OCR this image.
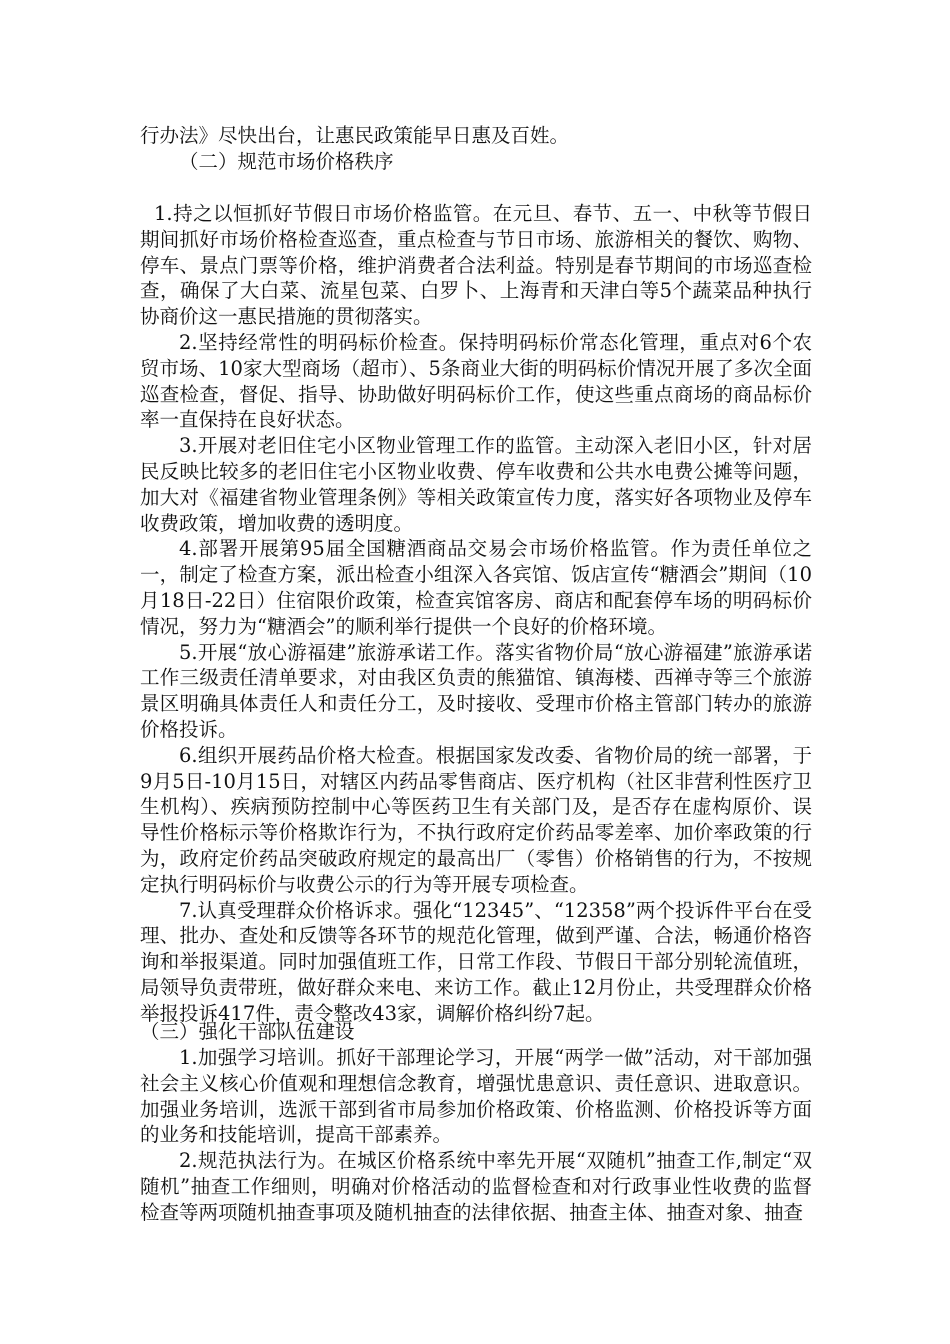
行办法》尽快出台，让惠民政策能早日惠及百姓。

（二）规范市场价格秩序

1.持之以恒抓好节假日市场价格监管。在元旦、春节、五一、中秋等节假日期间抓好市场价格检查巡查，重点检查与节日市场、旅游相关的餐饮、购物、停车、景点门票等价格，维护消费者合法利益。特别是春节期间的市场巡查检查，确保了大白菜、流星包菜、白罗卜、上海青和天津白等5个蔬菜品种执行协商价这一惠民措施的贯彻落实。

2.坚持经常性的明码标价检查。保持明码标价常态化管理，重点对6个农贸市场、10家大型商场（超市）、5条商业大街的明码标价情况开展了多次全面巡查检查，督促、指导、协助做好明码标价工作，使这些重点商场的商品标价率一直保持在良好状态。

3.开展对老旧住宅小区物业管理工作的监管。主动深入老旧小区，针对居民反映比较多的老旧住宅小区物业收费、停车收费和公共水电费公摊等问题，加大对《福建省物业管理条例》等相关政策宣传力度，落实好各项物业及停车收费政策，增加收费的透明度。

4.部署开展第95届全国糖酒商品交易会市场价格监管。作为责任单位之一，制定了检查方案，派出检查小组深入各宾馆、饭店宣传“糖酒会”期间（10月18日-22日）住宿限价政策，检查宾馆客房、商店和配套停车场的明码标价情况，努力为“糖酒会”的顺利举行提供一个良好的价格环境。

5.开展“放心游福建”旅游承诺工作。落实省物价局“放心游福建”旅游承诺工作三级责任清单要求，对由我区负责的熊猫馆、镇海楼、西禅寺等三个旅游景区明确具体责任人和责任分工，及时接收、受理市价格主管部门转办的旅游价格投诉。

6.组织开展药品价格大检查。根据国家发改委、省物价局的统一部署，于9月5日-10月15日，对辖区内药品零售商店、医疗机构（社区非营利性医疗卫生机构）、疾病预防控制中心等医药卫生有关部门及，是否存在虚构原价、误导性价格标示等价格欺诈行为，不执行政府定价药品零差率、加价率政策的行为，政府定价药品突破政府规定的最高出厂（零售）价格销售的行为，不按规定执行明码标价与收费公示的行为等开展专项检查。

7.认真受理群众价格诉求。强化“12345”、“12358”两个投诉件平台在受理、批办、查处和反馈等各环节的规范化管理，做到严谨、合法，畅通价格咨询和举报渠道。同时加强值班工作，日常工作段、节假日干部分别轮流值班，局领导负责带班，做好群众来电、来访工作。截止12月份止，共受理群众价格举报投诉417件，责令整改43家，调解价格纠纷7起。

（三）强化干部队伍建设

1.加强学习培训。抓好干部理论学习，开展“两学一做”活动，对干部加强社会主义核心价值观和理想信念教育，增强忧患意识、责任意识、进取意识。加强业务培训，选派干部到省市局参加价格政策、价格监测、价格投诉等方面的业务和技能培训，提高干部素养。

2.规范执法行为。在城区价格系统中率先开展“双随机”抽查工作,制定“双随机”抽查工作细则，明确对价格活动的监督检查和对行政事业性收费的监督检查等两项随机抽查事项及随机抽查的法律依据、抽查主体、抽查对象、抽查
